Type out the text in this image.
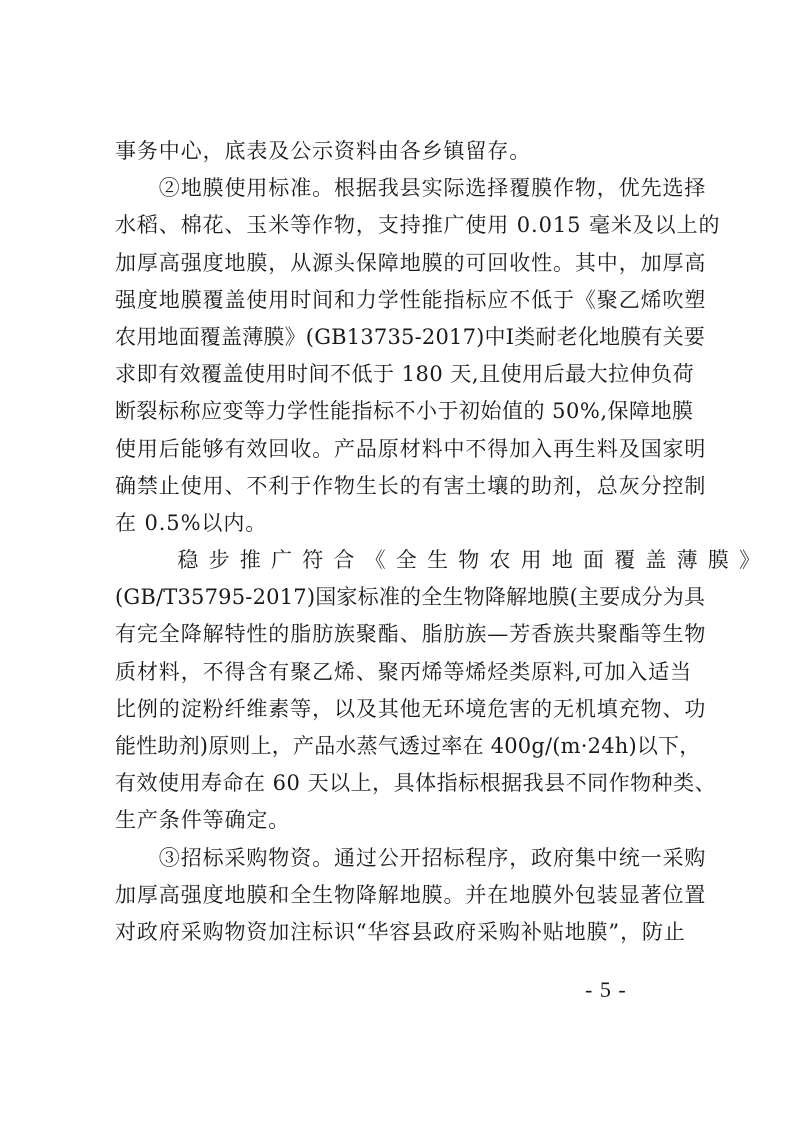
事务中心，底表及公示资料由各乡镇留存。
　　②地膜使用标准。根据我县实际选择覆膜作物，优先选择
水稻、棉花、玉米等作物，支持推广使用 0.015 毫米及以上的
加厚高强度地膜，从源头保障地膜的可回收性。其中，加厚高
强度地膜覆盖使用时间和力学性能指标应不低于《聚乙烯吹塑
农用地面覆盖薄膜》(GB13735-2017)中Ⅰ类耐老化地膜有关要
求即有效覆盖使用时间不低于 180 天,且使用后最大拉伸负荷
断裂标称应变等力学性能指标不小于初始值的 50%,保障地膜
使用后能够有效回收。产品原材料中不得加入再生料及国家明
确禁止使用、不利于作物生长的有害土壤的助剂，总灰分控制
在 0.5%以内。
　　稳步推广符合《全生物农用地面覆盖薄膜》
(GB/T35795-2017)国家标准的全生物降解地膜(主要成分为具
有完全降解特性的脂肪族聚酯、脂肪族—芳香族共聚酯等生物
质材料，不得含有聚乙烯、聚丙烯等烯烃类原料,可加入适当
比例的淀粉纤维素等，以及其他无环境危害的无机填充物、功
能性助剂)原则上，产品水蒸气透过率在 400g/(m·24h)以下，
有效使用寿命在 60 天以上，具体指标根据我县不同作物种类、
生产条件等确定。
　　③招标采购物资。通过公开招标程序，政府集中统一采购
加厚高强度地膜和全生物降解地膜。并在地膜外包装显著位置
对政府采购物资加注标识“华容县政府采购补贴地膜”，防止
- 5 -
